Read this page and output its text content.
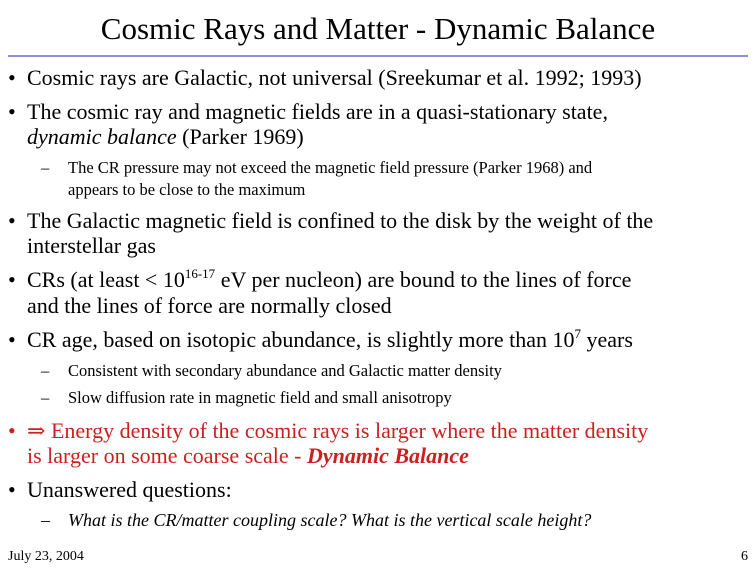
Cosmic Rays and Matter - Dynamic Balance
• Cosmic rays are Galactic, not universal (Sreekumar et al. 1992; 1993)
• The cosmic ray and magnetic fields are in a quasi-stationary state,
dynamic balance (Parker 1969)
– The CR pressure may not exceed the magnetic field pressure (Parker 1968) and
appears to be close to the maximum
• The Galactic magnetic field is confined to the disk by the weight of the
interstellar gas
• CRs (at least < $10^{16-17}$ eV per nucleon) are bound to the lines of force
and the lines of force are normally closed
• CR age, based on isotopic abundance, is slightly more than $10^7$ years
– Consistent with secondary abundance and Galactic matter density
– Slow diffusion rate in magnetic field and small anisotropy
• ⇒ Energy density of the cosmic rays is larger where the matter density
is larger on some coarse scale - Dynamic Balance
• Unanswered questions:
– What is the CR/matter coupling scale? What is the vertical scale height?
July 23, 2004	6
